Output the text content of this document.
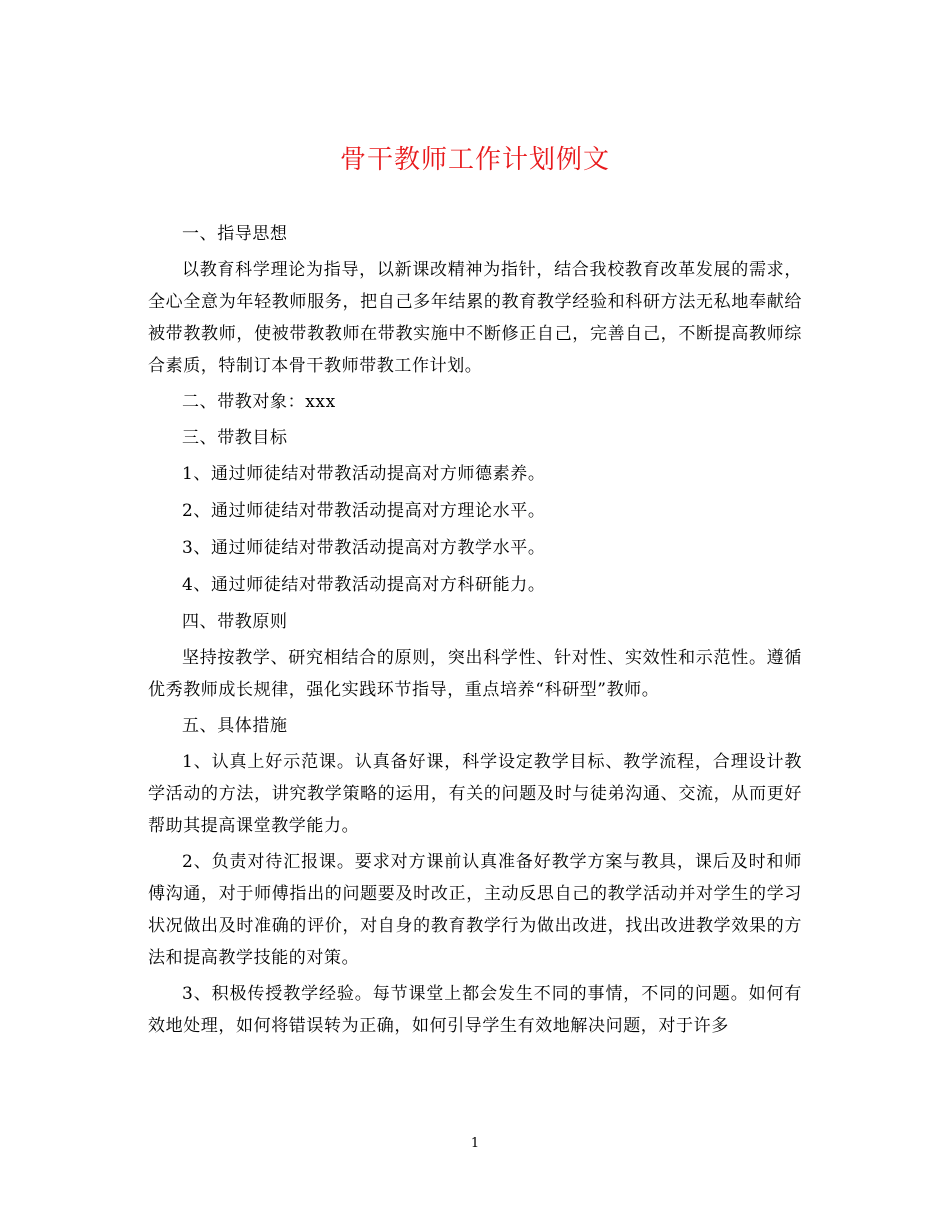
骨干教师工作计划例文

一、指导思想

以教育科学理论为指导，以新课改精神为指针，结合我校教育改革发展的需求，全心全意为年轻教师服务，把自己多年结累的教育教学经验和科研方法无私地奉献给被带教教师，使被带教教师在带教实施中不断修正自己，完善自己，不断提高教师综合素质，特制订本骨干教师带教工作计划。

二、带教对象：xxx

三、带教目标

1、通过师徒结对带教活动提高对方师德素养。

2、通过师徒结对带教活动提高对方理论水平。

3、通过师徒结对带教活动提高对方教学水平。

4、通过师徒结对带教活动提高对方科研能力。

四、带教原则

坚持按教学、研究相结合的原则，突出科学性、针对性、实效性和示范性。遵循优秀教师成长规律，强化实践环节指导，重点培养“科研型”教师。

五、具体措施

1、认真上好示范课。认真备好课，科学设定教学目标、教学流程，合理设计教学活动的方法，讲究教学策略的运用，有关的问题及时与徒弟沟通、交流，从而更好帮助其提高课堂教学能力。

2、负责对待汇报课。要求对方课前认真准备好教学方案与教具，课后及时和师傅沟通，对于师傅指出的问题要及时改正，主动反思自己的教学活动并对学生的学习状况做出及时准确的评价，对自身的教育教学行为做出改进，找出改进教学效果的方法和提高教学技能的对策。

3、积极传授教学经验。每节课堂上都会发生不同的事情，不同的问题。如何有效地处理，如何将错误转为正确，如何引导学生有效地解决问题，对于许多

1
